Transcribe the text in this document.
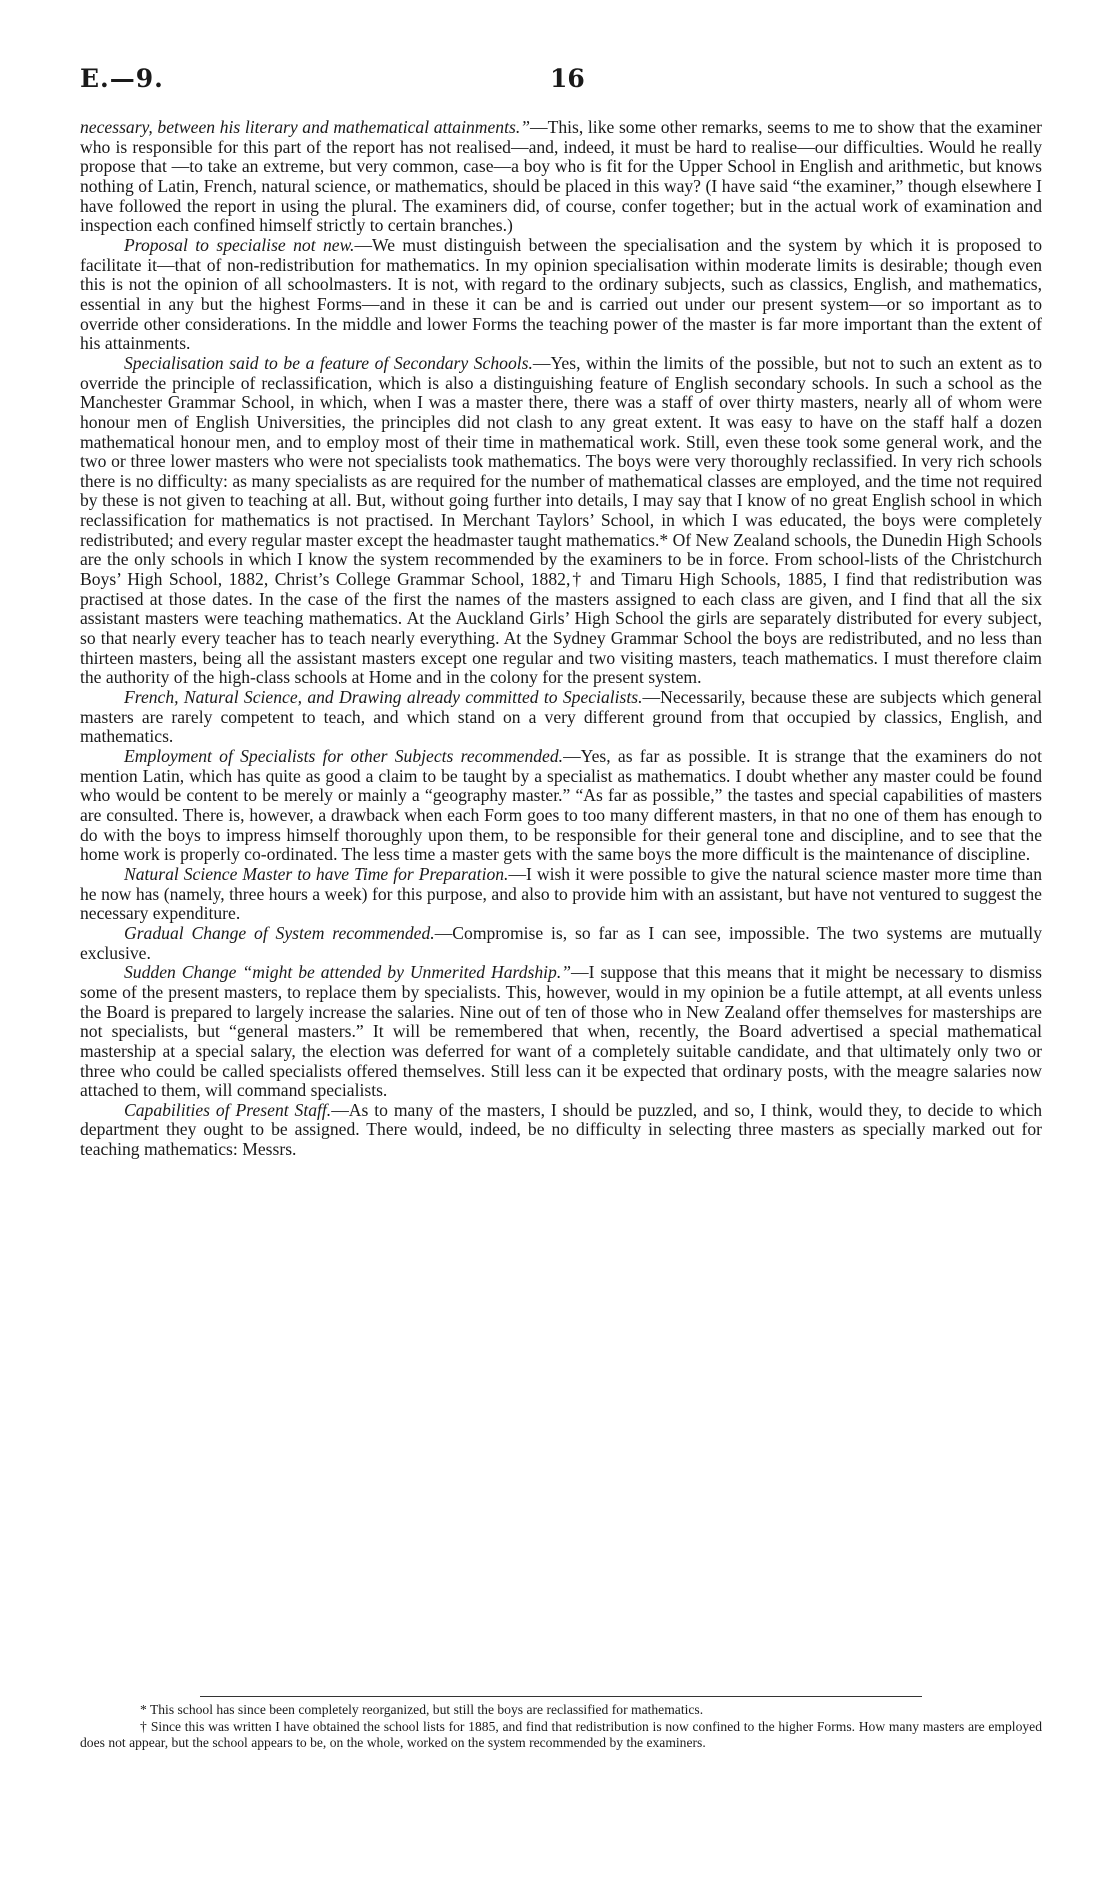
E.—9.	16

necessary, between his literary and mathematical attainments.”—This, like some other remarks, seems to me to show that the examiner who is responsible for this part of the report has not realised—and, indeed, it must be hard to realise—our difficulties. Would he really propose that —to take an extreme, but very common, case—a boy who is fit for the Upper School in English and arithmetic, but knows nothing of Latin, French, natural science, or mathematics, should be placed in this way? (I have said “the examiner,” though elsewhere I have followed the report in using the plural. The examiners did, of course, confer together; but in the actual work of examination and inspection each confined himself strictly to certain branches.)

Proposal to specialise not new.—We must distinguish between the specialisation and the system by which it is proposed to facilitate it—that of non-redistribution for mathematics. In my opinion specialisation within moderate limits is desirable; though even this is not the opinion of all schoolmasters. It is not, with regard to the ordinary subjects, such as classics, English, and mathematics, essential in any but the highest Forms—and in these it can be and is carried out under our present system—or so important as to override other considerations. In the middle and lower Forms the teaching power of the master is far more important than the extent of his attainments.

Specialisation said to be a feature of Secondary Schools.—Yes, within the limits of the possible, but not to such an extent as to override the principle of reclassification, which is also a distinguishing feature of English secondary schools. In such a school as the Manchester Grammar School, in which, when I was a master there, there was a staff of over thirty masters, nearly all of whom were honour men of English Universities, the principles did not clash to any great extent. It was easy to have on the staff half a dozen mathematical honour men, and to employ most of their time in mathematical work. Still, even these took some general work, and the two or three lower masters who were not specialists took mathematics. The boys were very thoroughly reclassified. In very rich schools there is no difficulty: as many specialists as are required for the number of mathematical classes are employed, and the time not required by these is not given to teaching at all. But, without going further into details, I may say that I know of no great English school in which reclassification for mathematics is not practised. In Merchant Taylors’ School, in which I was educated, the boys were completely redistributed; and every regular master except the headmaster taught mathematics.* Of New Zealand schools, the Dunedin High Schools are the only schools in which I know the system recommended by the examiners to be in force. From school-lists of the Christchurch Boys’ High School, 1882, Christ’s College Grammar School, 1882,† and Timaru High Schools, 1885, I find that redistribution was practised at those dates. In the case of the first the names of the masters assigned to each class are given, and I find that all the six assistant masters were teaching mathematics. At the Auckland Girls’ High School the girls are separately distributed for every subject, so that nearly every teacher has to teach nearly everything. At the Sydney Grammar School the boys are redistributed, and no less than thirteen masters, being all the assistant masters except one regular and two visiting masters, teach mathematics. I must therefore claim the authority of the high-class schools at Home and in the colony for the present system.

French, Natural Science, and Drawing already committed to Specialists.—Necessarily, because these are subjects which general masters are rarely competent to teach, and which stand on a very different ground from that occupied by classics, English, and mathematics.

Employment of Specialists for other Subjects recommended.—Yes, as far as possible. It is strange that the examiners do not mention Latin, which has quite as good a claim to be taught by a specialist as mathematics. I doubt whether any master could be found who would be content to be merely or mainly a “geography master.” “As far as possible,” the tastes and special capabilities of masters are consulted. There is, however, a drawback when each Form goes to too many different masters, in that no one of them has enough to do with the boys to impress himself thoroughly upon them, to be responsible for their general tone and discipline, and to see that the home work is properly co-ordinated. The less time a master gets with the same boys the more difficult is the maintenance of discipline.

Natural Science Master to have Time for Preparation.—I wish it were possible to give the natural science master more time than he now has (namely, three hours a week) for this purpose, and also to provide him with an assistant, but have not ventured to suggest the necessary expenditure.

Gradual Change of System recommended.—Compromise is, so far as I can see, impossible. The two systems are mutually exclusive.

Sudden Change “might be attended by Unmerited Hardship.”—I suppose that this means that it might be necessary to dismiss some of the present masters, to replace them by specialists. This, however, would in my opinion be a futile attempt, at all events unless the Board is prepared to largely increase the salaries. Nine out of ten of those who in New Zealand offer themselves for masterships are not specialists, but “general masters.” It will be remembered that when, recently, the Board advertised a special mathematical mastership at a special salary, the election was deferred for want of a completely suitable candidate, and that ultimately only two or three who could be called specialists offered themselves. Still less can it be expected that ordinary posts, with the meagre salaries now attached to them, will command specialists.

Capabilities of Present Staff.—As to many of the masters, I should be puzzled, and so, I think, would they, to decide to which department they ought to be assigned. There would, indeed, be no difficulty in selecting three masters as specially marked out for teaching mathematics: Messrs.

* This school has since been completely reorganized, but still the boys are reclassified for mathematics.

† Since this was written I have obtained the school lists for 1885, and find that redistribution is now confined to the higher Forms. How many masters are employed does not appear, but the school appears to be, on the whole, worked on the system recommended by the examiners.
